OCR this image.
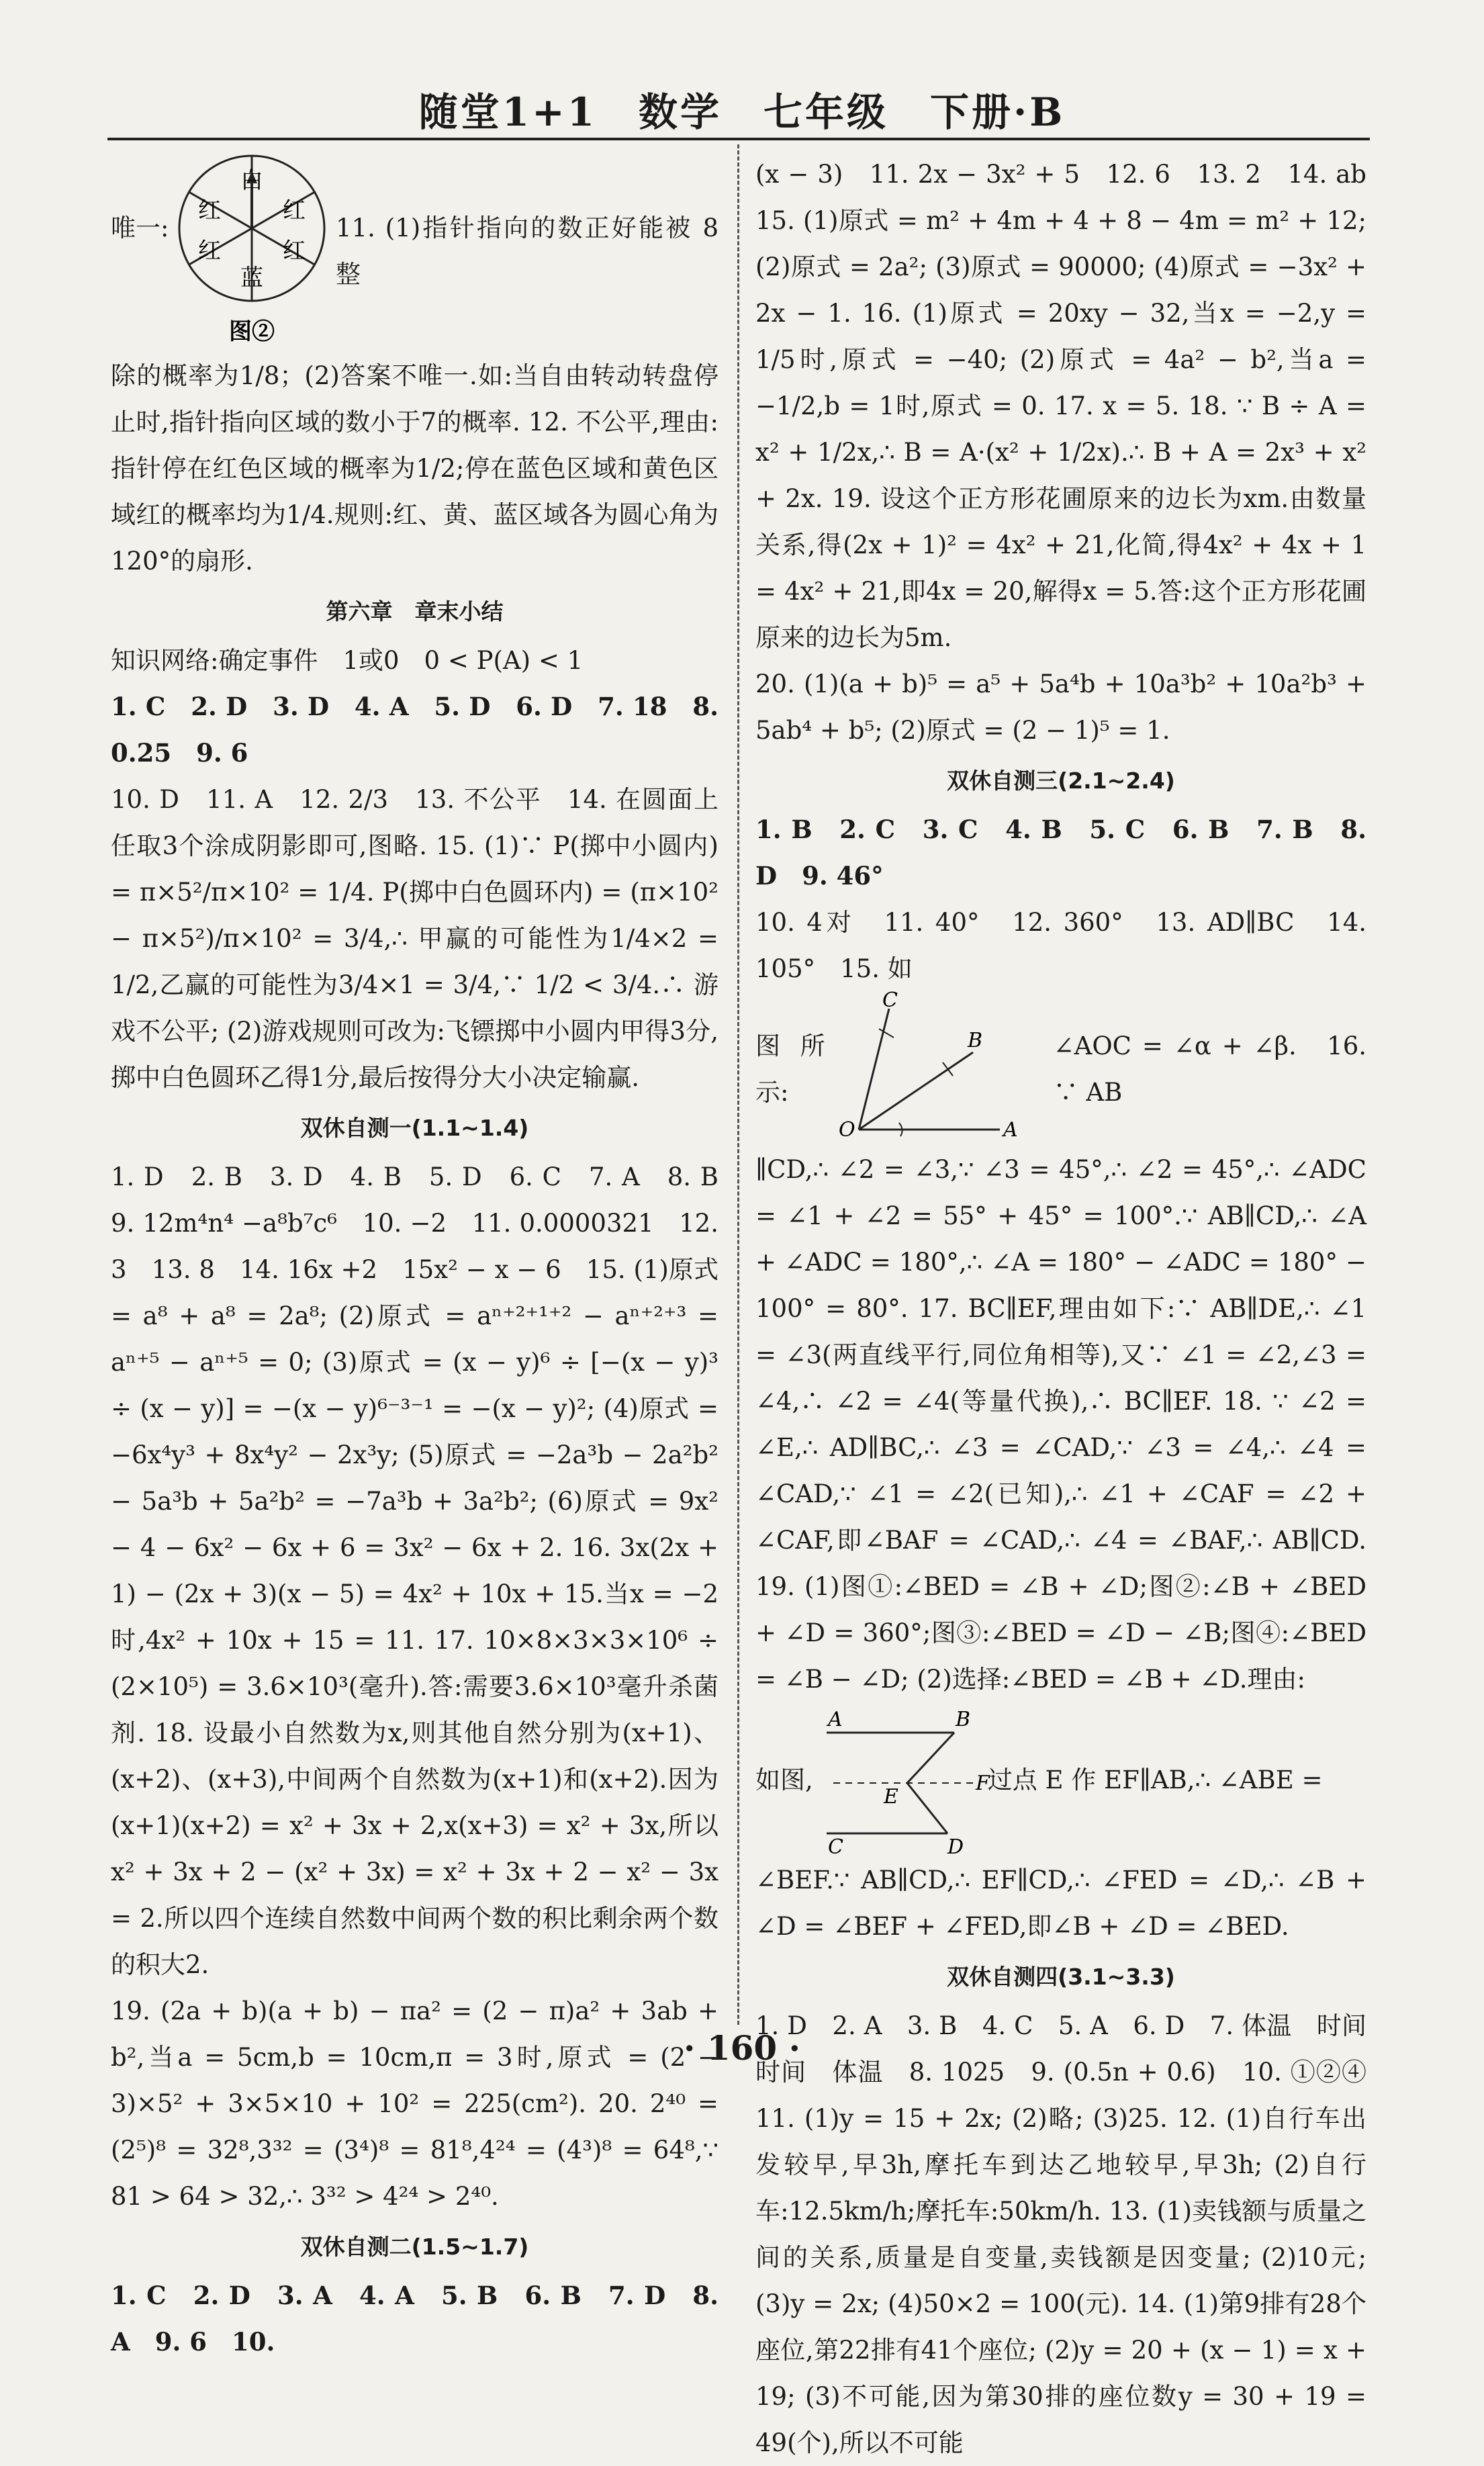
随堂1+1　数学　七年级　下册·B
唯一:
白
红
红
蓝
红
红
图②
11. (1)指针指向的数正好能被 8 整

除的概率为1/8；(2)答案不唯一.如:当自由转动转盘停止时,指针指向区域的数小于7的概率. 12. 不公平,理由:指针停在红色区域的概率为1/2;停在蓝色区域和黄色区域红的概率均为1/4.规则:红、黄、蓝区域各为圆心角为120°的扇形.

第六章　章末小结

知识网络:确定事件　1或0　0 < P(A) < 1

1. C　2. D　3. D　4. A　5. D　6. D　7. 18　8. 0.25　9. 6

10. D　11. A　12. 2/3　13. 不公平　14. 在圆面上任取3个涂成阴影即可,图略. 15. (1)∵ P(掷中小圆内) = π×5²/π×10² = 1/4. P(掷中白色圆环内) = (π×10² − π×5²)/π×10² = 3/4,∴ 甲赢的可能性为1/4×2 = 1/2,乙赢的可能性为3/4×1 = 3/4,∵ 1/2 < 3/4.∴ 游戏不公平; (2)游戏规则可改为:飞镖掷中小圆内甲得3分,掷中白色圆环乙得1分,最后按得分大小决定输赢.

双休自测一(1.1~1.4)

1. D　2. B　3. D　4. B　5. D　6. C　7. A　8. B　9. 12m⁴n⁴ −a⁸b⁷c⁶　10. −2　11. 0.0000321　12. 3　13. 8　14. 16x +2　15x² − x − 6　15. (1)原式 = a⁸ + a⁸ = 2a⁸; (2)原式 = aⁿ⁺²⁺¹⁺² − aⁿ⁺²⁺³ = aⁿ⁺⁵ − aⁿ⁺⁵ = 0; (3)原式 = (x − y)⁶ ÷ [−(x − y)³ ÷ (x − y)] = −(x − y)⁶⁻³⁻¹ = −(x − y)²; (4)原式 = −6x⁴y³ + 8x⁴y² − 2x³y; (5)原式 = −2a³b − 2a²b² − 5a³b + 5a²b² = −7a³b + 3a²b²; (6)原式 = 9x² − 4 − 6x² − 6x + 6 = 3x² − 6x + 2. 16. 3x(2x + 1) − (2x + 3)(x − 5) = 4x² + 10x + 15.当x = −2时,4x² + 10x + 15 = 11. 17. 10×8×3×3×10⁶ ÷ (2×10⁵) = 3.6×10³(毫升).答:需要3.6×10³毫升杀菌剂. 18. 设最小自然数为x,则其他自然分别为(x+1)、(x+2)、(x+3),中间两个自然数为(x+1)和(x+2).因为(x+1)(x+2) = x² + 3x + 2,x(x+3) = x² + 3x,所以x² + 3x + 2 − (x² + 3x) = x² + 3x + 2 − x² − 3x = 2.所以四个连续自然数中间两个数的积比剩余两个数的积大2.

19. (2a + b)(a + b) − πa² = (2 − π)a² + 3ab + b²,当a = 5cm,b = 10cm,π = 3时,原式 = (2 − 3)×5² + 3×5×10 + 10² = 225(cm²). 20. 2⁴⁰ = (2⁵)⁸ = 32⁸,3³² = (3⁴)⁸ = 81⁸,4²⁴ = (4³)⁸ = 64⁸,∵ 81 > 64 > 32,∴ 3³² > 4²⁴ > 2⁴⁰.

双休自测二(1.5~1.7)

1. C　2. D　3. A　4. A　5. B　6. B　7. D　8. A　9. 6　10.

(x − 3)　11. 2x − 3x² + 5　12. 6　13. 2　14. ab　15. (1)原式 = m² + 4m + 4 + 8 − 4m = m² + 12; (2)原式 = 2a²; (3)原式 = 90000; (4)原式 = −3x² + 2x − 1. 16. (1)原式 = 20xy − 32,当x = −2,y = 1/5时,原式 = −40; (2)原式 = 4a² − b²,当a = −1/2,b = 1时,原式 = 0. 17. x = 5. 18. ∵ B ÷ A = x² + 1/2x,∴ B = A·(x² + 1/2x).∴ B + A = 2x³ + x² + 2x. 19. 设这个正方形花圃原来的边长为xm.由数量关系,得(2x + 1)² = 4x² + 21,化简,得4x² + 4x + 1 = 4x² + 21,即4x = 20,解得x = 5.答:这个正方形花圃原来的边长为5m.

20. (1)(a + b)⁵ = a⁵ + 5a⁴b + 10a³b² + 10a²b³ + 5ab⁴ + b⁵; (2)原式 = (2 − 1)⁵ = 1.

双休自测三(2.1~2.4)

1. B　2. C　3. C　4. B　5. C　6. B　7. B　8. D　9. 46°

10. 4对　11. 40°　12. 360°　13. AD∥BC　14. 105°　15. 如

图所示:
C
B
O	A
∠AOC = ∠α + ∠β.　16. ∵ AB

∥CD,∴ ∠2 = ∠3,∵ ∠3 = 45°,∴ ∠2 = 45°,∴ ∠ADC = ∠1 + ∠2 = 55° + 45° = 100°.∵ AB∥CD,∴ ∠A + ∠ADC = 180°,∴ ∠A = 180° − ∠ADC = 180° − 100° = 80°. 17. BC∥EF,理由如下:∵ AB∥DE,∴ ∠1 = ∠3(两直线平行,同位角相等),又∵ ∠1 = ∠2,∠3 = ∠4,∴ ∠2 = ∠4(等量代换),∴ BC∥EF. 18. ∵ ∠2 = ∠E,∴ AD∥BC,∴ ∠3 = ∠CAD,∵ ∠3 = ∠4,∴ ∠4 = ∠CAD,∵ ∠1 = ∠2(已知),∴ ∠1 + ∠CAF = ∠2 + ∠CAF,即∠BAF = ∠CAD,∴ ∠4 = ∠BAF,∴ AB∥CD. 19. (1)图①:∠BED = ∠B + ∠D;图②:∠B + ∠BED + ∠D = 360°;图③:∠BED = ∠D − ∠B;图④:∠BED = ∠B − ∠D; (2)选择:∠BED = ∠B + ∠D.理由:

如图,
A	B
E
F
C	D
过点 E 作 EF∥AB,∴ ∠ABE =

∠BEF.∵ AB∥CD,∴ EF∥CD,∴ ∠FED = ∠D,∴ ∠B + ∠D = ∠BEF + ∠FED,即∠B + ∠D = ∠BED.

双休自测四(3.1~3.3)

1. D　2. A　3. B　4. C　5. A　6. D　7. 体温　时间　时间　体温　8. 1025　9. (0.5n + 0.6)　10. ①②④　11. (1)y = 15 + 2x; (2)略; (3)25. 12. (1)自行车出发较早,早3h,摩托车到达乙地较早,早3h; (2)自行车:12.5km/h;摩托车:50km/h. 13. (1)卖钱额与质量之间的关系,质量是自变量,卖钱额是因变量; (2)10元; (3)y = 2x; (4)50×2 = 100(元). 14. (1)第9排有28个座位,第22排有41个座位; (2)y = 20 + (x − 1) = x + 19; (3)不可能,因为第30排的座位数y = 30 + 19 = 49(个),所以不可能

· 160 ·
